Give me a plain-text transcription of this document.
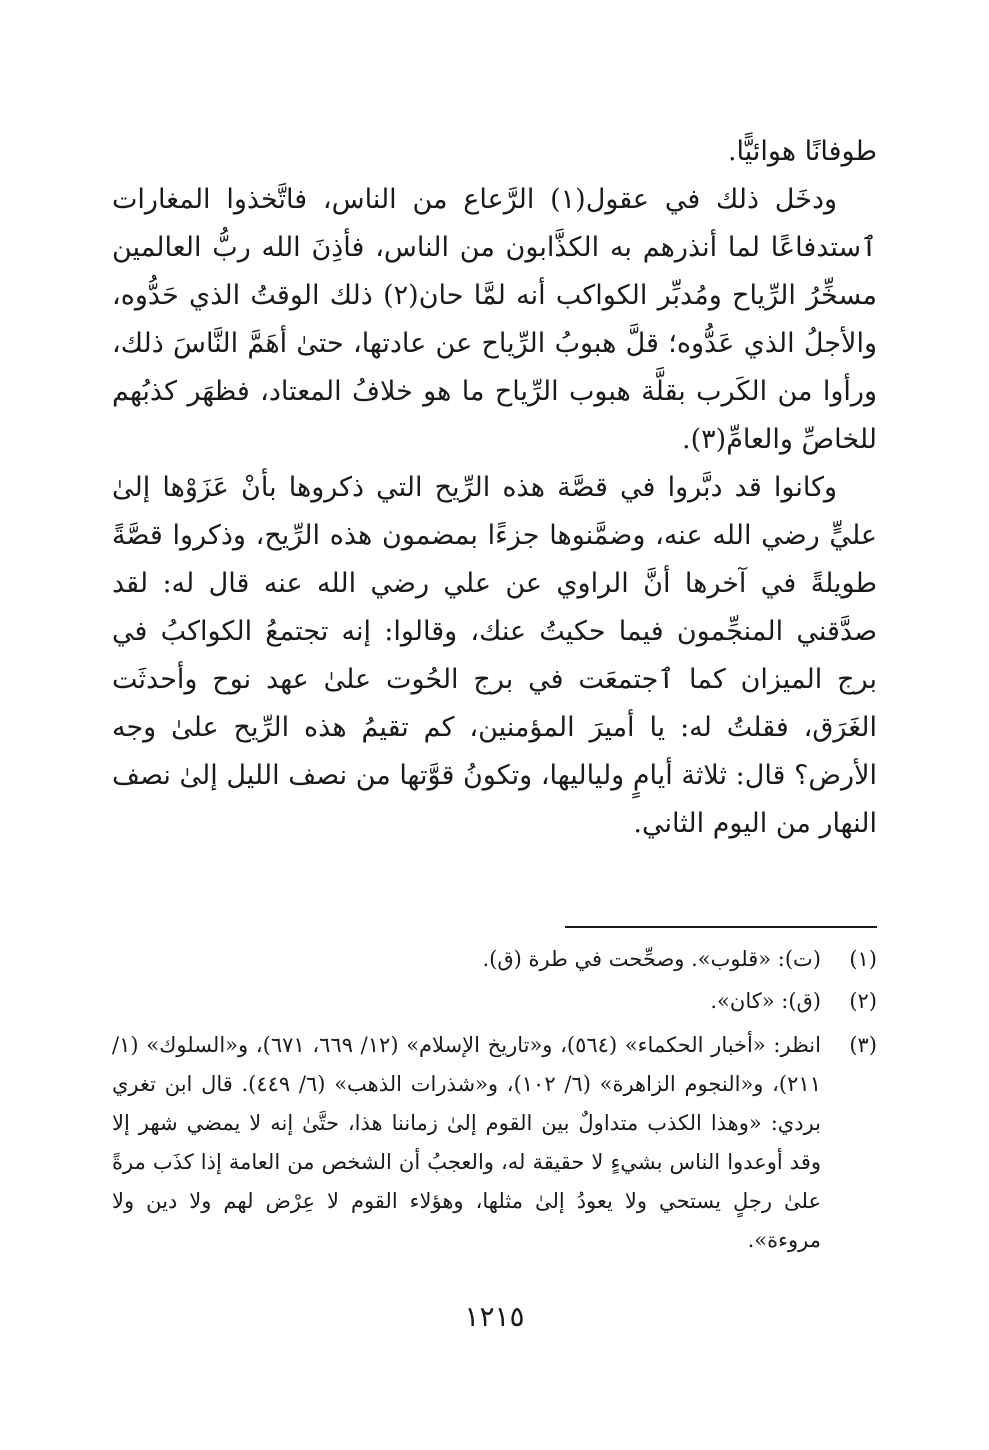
طوفانًا هوائيًّا.

ودخَل ذلك في عقول(١) الرَّعاع من الناس، فاتَّخذوا المغارات ٱستدفاعًا لما أنذرهم به الكذَّابون من الناس، فأذِنَ الله ربُّ العالمين مسخِّرُ الرِّياح ومُدبِّر الكواكب أنه لمَّا حان(٢) ذلك الوقتُ الذي حَدُّوه، والأجلُ الذي عَدُّوه؛ قلَّ هبوبُ الرِّياح عن عادتها، حتىٰ أهَمَّ النَّاسَ ذلك، ورأوا من الكَرب بقلَّة هبوب الرِّياح ما هو خلافُ المعتاد، فظهَر كذبُهم للخاصِّ والعامِّ(٣).

وكانوا قد دبَّروا في قصَّة هذه الرِّيح التي ذكروها بأنْ عَزَوْها إلىٰ عليٍّ رضي الله عنه، وضمَّنوها جزءًا بمضمون هذه الرِّيح، وذكروا قصَّةً طويلةً في آخرها أنَّ الراوي عن علي رضي الله عنه قال له: لقد صدَّقني المنجِّمون فيما حكيتُ عنك، وقالوا: إنه تجتمعُ الكواكبُ في برج الميزان كما ٱجتمعَت في برج الحُوت علىٰ عهد نوح وأحدثَت الغَرَق، فقلتُ له: يا أميرَ المؤمنين، كم تقيمُ هذه الرِّيح علىٰ وجه الأرض؟ قال: ثلاثة أيامٍ ولياليها، وتكونُ قوَّتها من نصف الليل إلىٰ نصف النهار من اليوم الثاني.

(١)
(ت): «قلوب». وصحِّحت في طرة (ق).
(٢)
(ق): «كان».
(٣)
انظر: «أخبار الحكماء» (٥٦٤)، و«تاريخ الإسلام» (١٢/ ٦٦٩، ٦٧١)، و«السلوك» (١/ ٢١١)، و«النجوم الزاهرة» (٦/ ١٠٢)، و«شذرات الذهب» (٦/ ٤٤٩). قال ابن تغري بردي: «وهذا الكذب متداولٌ بين القوم إلىٰ زماننا هذا، حتَّىٰ إنه لا يمضي شهر إلا وقد أوعدوا الناس بشيءٍ لا حقيقة له، والعجبُ أن الشخص من العامة إذا كذَب مرةً علىٰ رجلٍ يستحي ولا يعودُ إلىٰ مثلها، وهؤلاء القوم لا عِرْض لهم ولا دين ولا مروءة».
١٢١٥
